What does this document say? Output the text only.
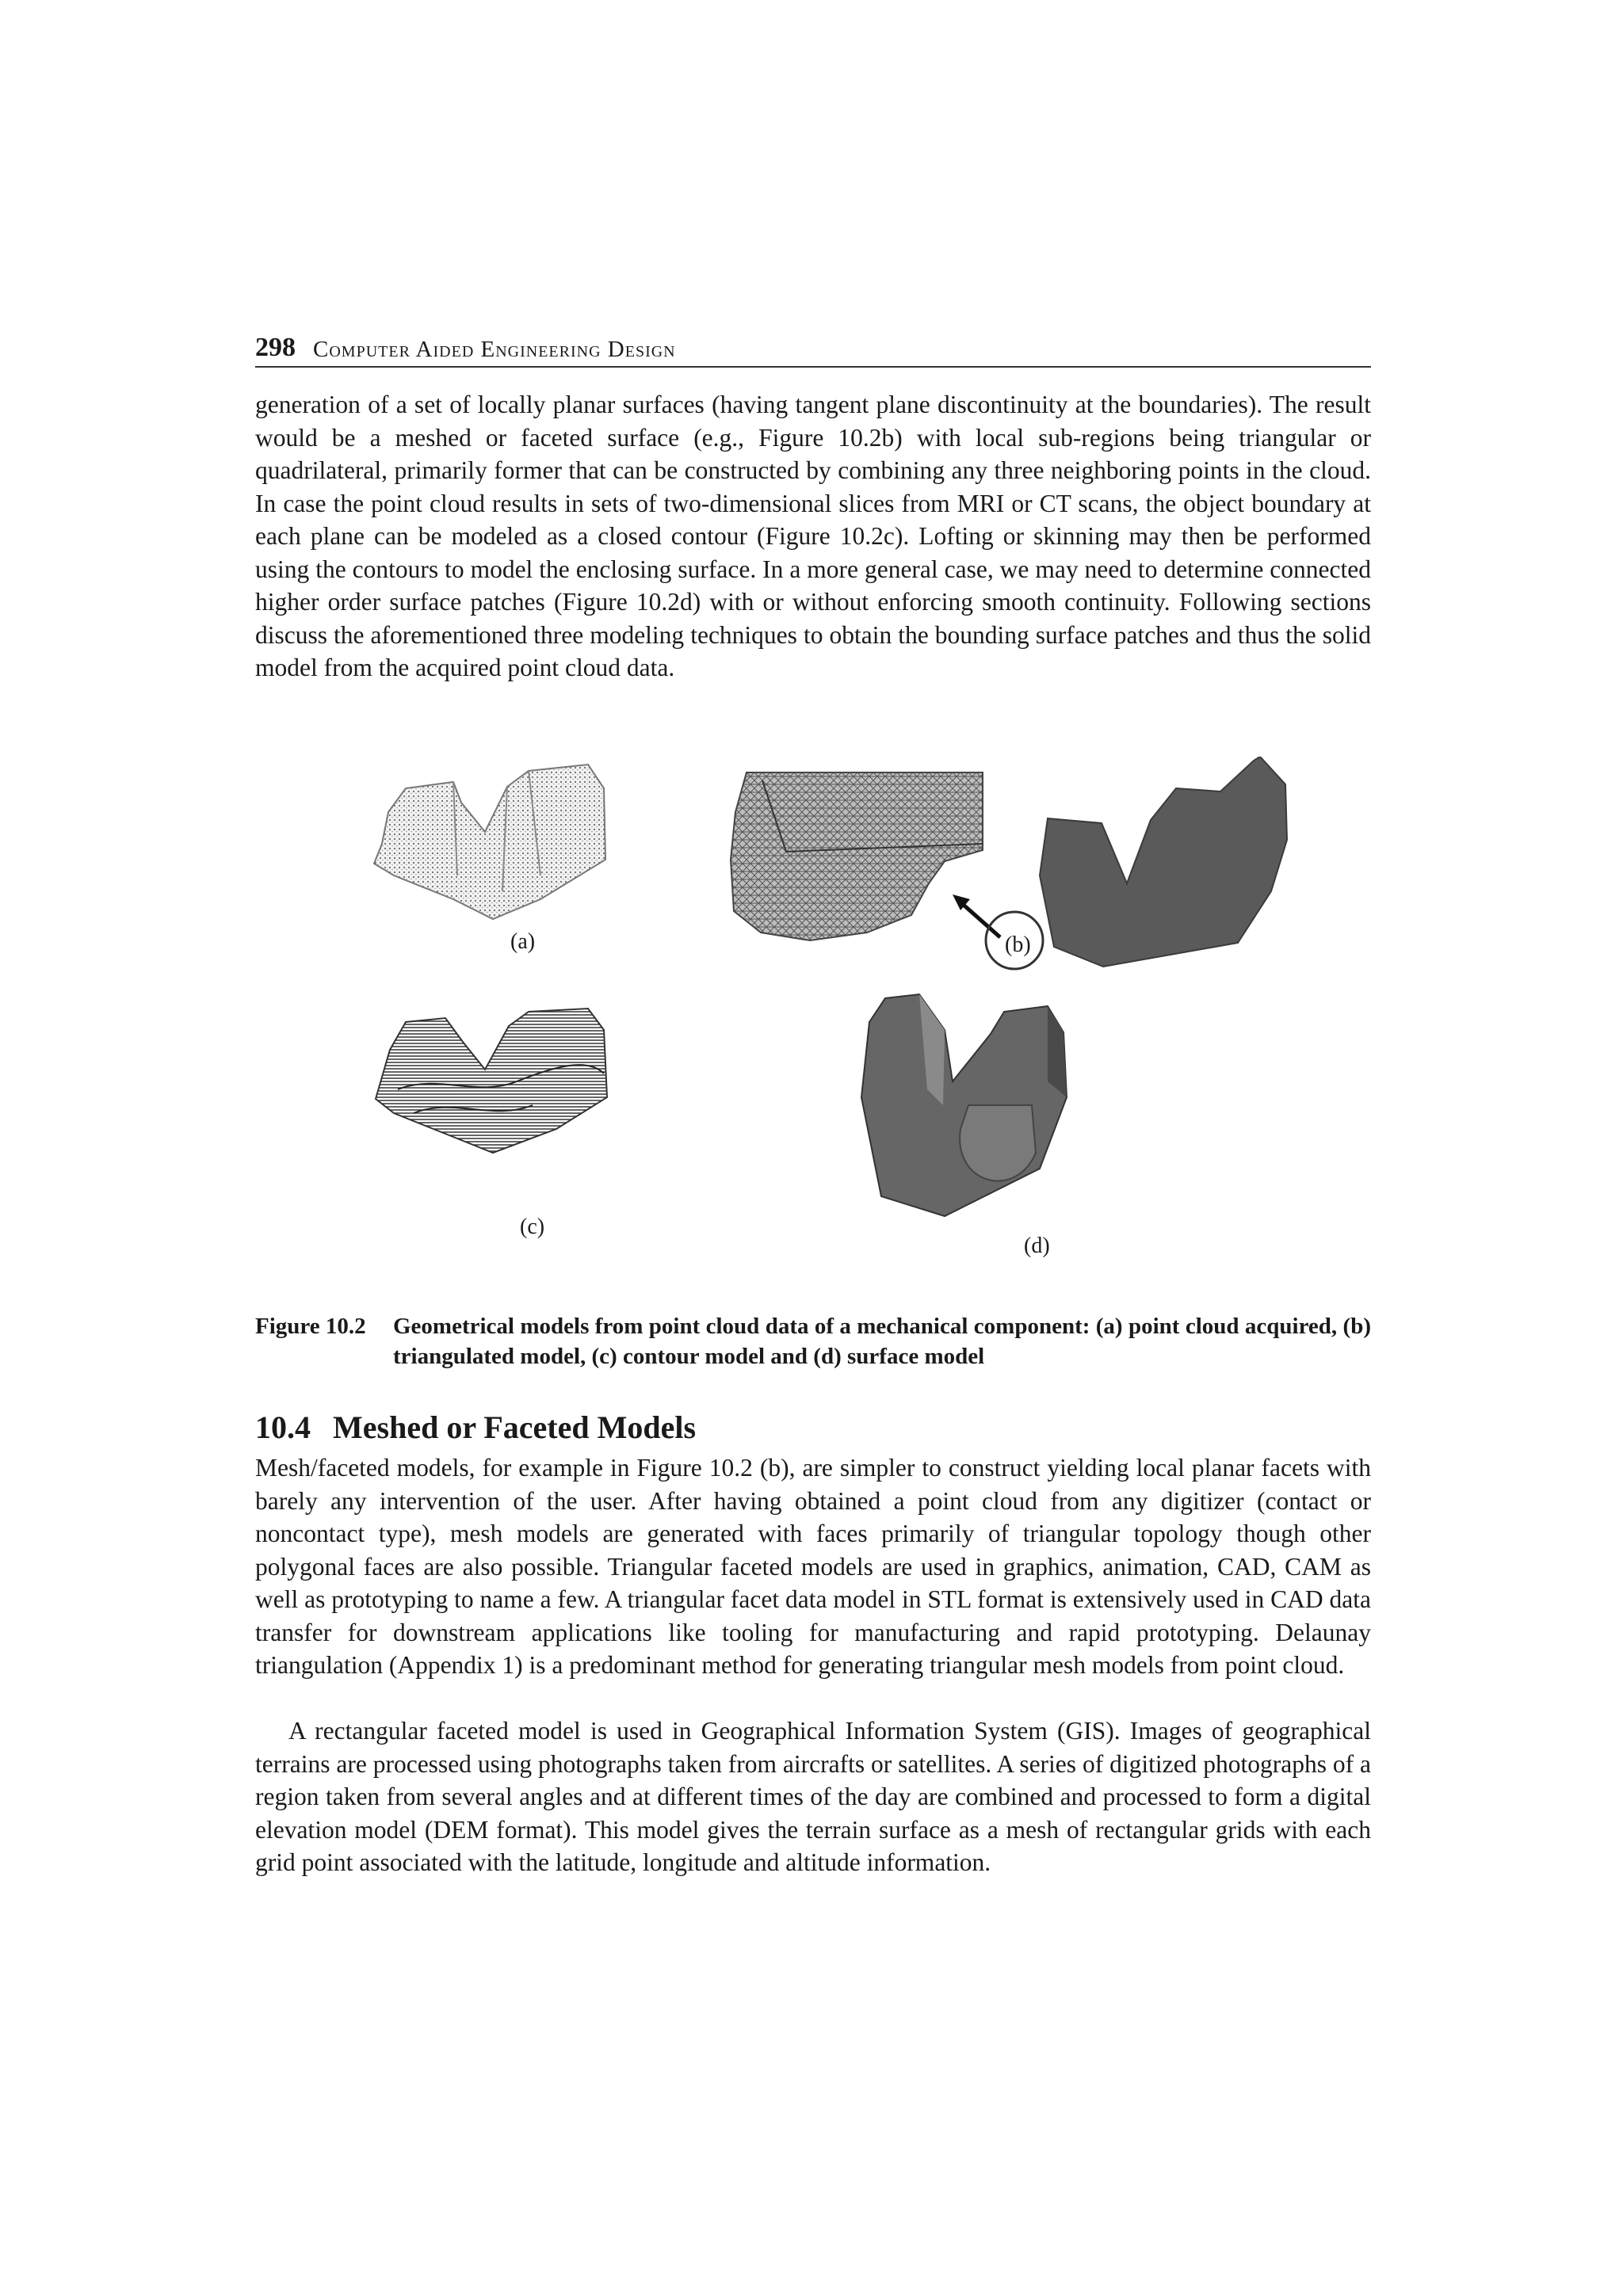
298 Computer Aided Engineering Design

generation of a set of locally planar surfaces (having tangent plane discontinuity at the boundaries). The result would be a meshed or faceted surface (e.g., Figure 10.2b) with local sub-regions being triangular or quadrilateral, primarily former that can be constructed by combining any three neighboring points in the cloud. In case the point cloud results in sets of two-dimensional slices from MRI or CT scans, the object boundary at each plane can be modeled as a closed contour (Figure 10.2c). Lofting or skinning may then be performed using the contours to model the enclosing surface. In a more general case, we may need to determine connected higher order surface patches (Figure 10.2d) with or without enforcing smooth continuity. Following sections discuss the aforementioned three modeling techniques to obtain the bounding surface patches and thus the solid model from the acquired point cloud data.

(a)	(b)
(c)
(d)
Figure 10.2	Geometrical models from point cloud data of a mechanical component: (a) point cloud acquired, (b) triangulated model, (c) contour model and (d) surface model
10.4 Meshed or Faceted Models

Mesh/faceted models, for example in Figure 10.2 (b), are simpler to construct yielding local planar facets with barely any intervention of the user. After having obtained a point cloud from any digitizer (contact or noncontact type), mesh models are generated with faces primarily of triangular topology though other polygonal faces are also possible. Triangular faceted models are used in graphics, animation, CAD, CAM as well as prototyping to name a few. A triangular facet data model in STL format is extensively used in CAD data transfer for downstream applications like tooling for manufacturing and rapid prototyping. Delaunay triangulation (Appendix 1) is a predominant method for generating triangular mesh models from point cloud.

A rectangular faceted model is used in Geographical Information System (GIS). Images of geographical terrains are processed using photographs taken from aircrafts or satellites. A series of digitized photographs of a region taken from several angles and at different times of the day are combined and processed to form a digital elevation model (DEM format). This model gives the terrain surface as a mesh of rectangular grids with each grid point associated with the latitude, longitude and altitude information.
